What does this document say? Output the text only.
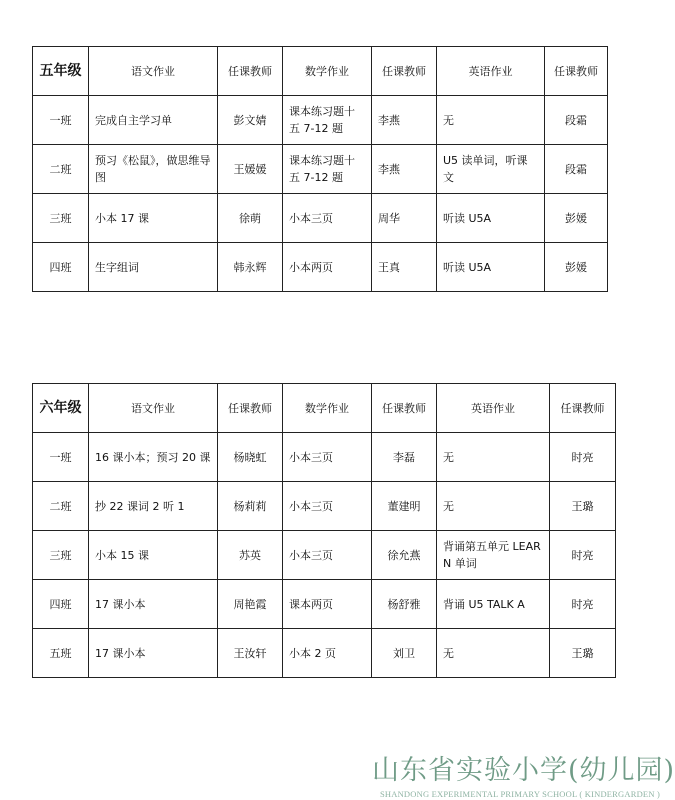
五年级	语文作业	任课教师	数学作业	任课教师	英语作业	任课教师
一班	完成自主学习单	彭文婧	课本练习题十五 7-12 题	李燕	无	段霜
二班	预习《松鼠》，做思维导图	王媛媛	课本练习题十五 7-12 题	李燕	U5 读单词，听课文	段霜
三班	小本 17 课	徐萌	小本三页	周华	听读 U5A	彭媛
四班	生字组词	韩永辉	小本两页	王真	听读 U5A	彭媛
六年级	语文作业	任课教师	数学作业	任课教师	英语作业	任课教师
一班	16 课小本；预习 20 课	杨晓虹	小本三页	李磊	无	时亮
二班	抄 22 课词 2 听 1	杨莉莉	小本三页	董建明	无	王璐
三班	小本 15 课	苏英	小本三页	徐允燕	背诵第五单元 LEARN 单词	时亮
四班	17 课小本	周艳霞	课本两页	杨舒雅	背诵 U5 TALK A	时亮
五班	17 课小本	王汝轩	小本 2 页	刘卫	无	王璐
山东省实验小学(幼儿园)
SHANDONG EXPERIMENTAL PRIMARY SCHOOL ( KINDERGARDEN )
